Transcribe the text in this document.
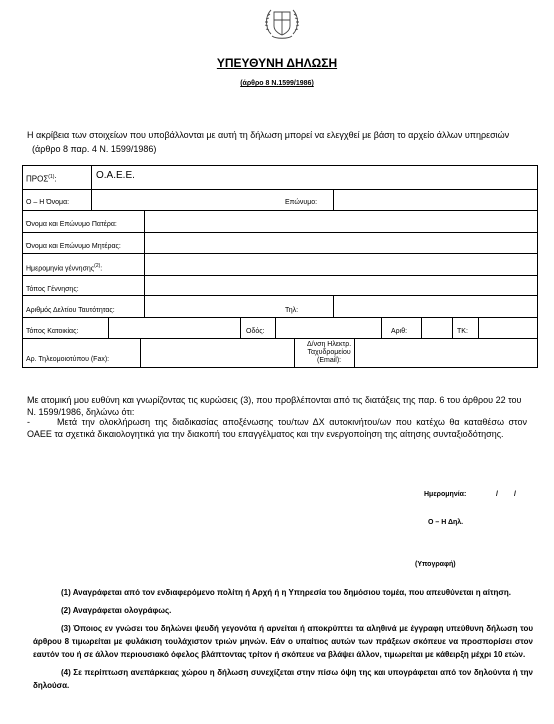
ΥΠΕΥΘΥΝΗ ΔΗΛΩΣΗ
(άρθρο 8 Ν.1599/1986)
Η ακρίβεια των στοιχείων που υποβάλλονται με αυτή τη δήλωση μπορεί να ελεγχθεί με βάση το αρχείο άλλων υπηρεσιών
(άρθρο 8 παρ. 4 Ν. 1599/1986)
ΠΡΟΣ$^{(1)}$:	Ο.Α.Ε.Ε.
Ο – Η Όνομα:	Επώνυμο:
Όνομα και Επώνυμο Πατέρα:
Όνομα και Επώνυμο Μητέρας:
Ημερομηνία γέννησης$^{(2)}$:
Τόπος Γέννησης:
Αριθμός Δελτίου Ταυτότητας:	Τηλ:
Τόπος Κατοικίας:	Οδός:	Αριθ:	ΤΚ:
Αρ. Τηλεομοιοτύπου (Fax):
Δ/νση Ηλεκτρ.
Ταχυδρομείου
(Email):
Με ατομική μου ευθύνη και γνωρίζοντας τις κυρώσεις (3), που προβλέπονται από τις διατάξεις της παρ. 6 του άρθρου 22 του Ν. 1599/1986, δηλώνω ότι:
-	Μετά την ολοκλήρωση της διαδικασίας αποξένωσης του/των ΔΧ αυτοκινήτου/ων που κατέχω θα καταθέσω στον ΟΑΕΕ τα σχετικά δικαιολογητικά για την διακοπή του επαγγέλματος και την ενεργοποίηση της αίτησης συνταξιοδότησης.
Ημερομηνία:	/ /
Ο – Η Δηλ.
(Υπογραφή)

(1) Αναγράφεται από τον ενδιαφερόμενο πολίτη ή Αρχή ή η Υπηρεσία του δημόσιου τομέα, που απευθύνεται η αίτηση.

(2) Αναγράφεται ολογράφως.

(3) Όποιος εν γνώσει του δηλώνει ψευδή γεγονότα ή αρνείται ή αποκρύπτει τα αληθινά με έγγραφη υπεύθυνη δήλωση του άρθρου 8 τιμωρείται με φυλάκιση τουλάχιστον τριών μηνών. Εάν ο υπαίτιος αυτών των πράξεων σκόπευε να προσπορίσει στον εαυτόν του ή σε άλλον περιουσιακό όφελος βλάπτοντας τρίτον ή σκόπευε να βλάψει άλλον, τιμωρείται με κάθειρξη μέχρι 10 ετών.

(4) Σε περίπτωση ανεπάρκειας χώρου η δήλωση συνεχίζεται στην πίσω όψη της και υπογράφεται από τον δηλούντα ή την δηλούσα.
